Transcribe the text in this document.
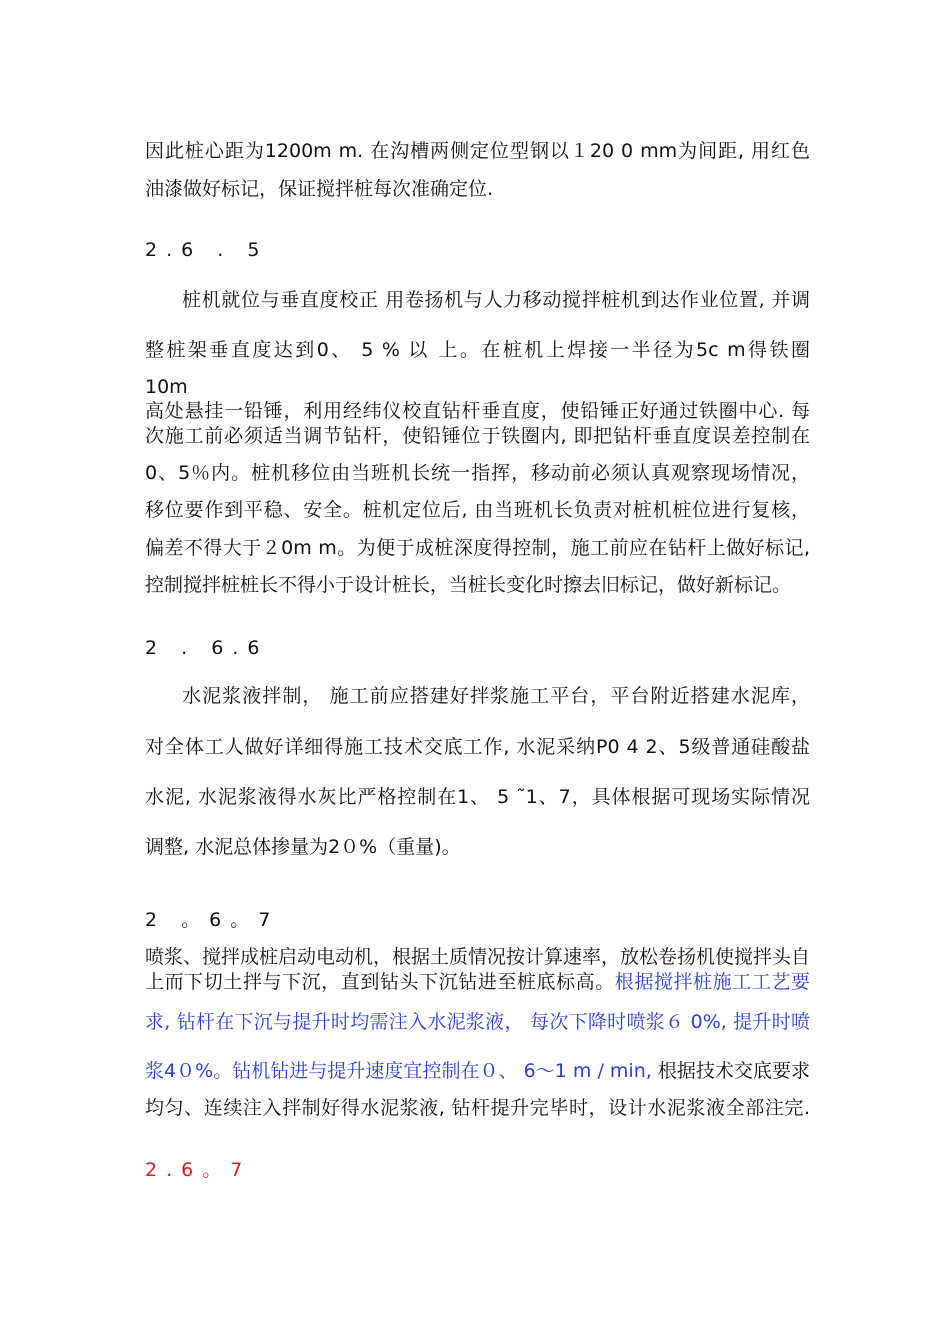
因此桩心距为1200m m. 在沟槽两侧定位型钢以１20 0 mm为间距, 用红色
油漆做好标记，保证搅拌桩每次准确定位.
2.6 . 5
桩机就位与垂直度校正 用卷扬机与人力移动搅拌桩机到达作业位置, 并调
整桩架垂直度达到0、 5 % 以 上。在桩机上焊接一半径为5c m得铁圈
10m
高处悬挂一铅锤，利用经纬仪校直钻杆垂直度，使铅锤正好通过铁圈中心. 每
次施工前必须适当调节钻杆，使铅锤位于铁圈内, 即把钻杆垂直度误差控制在
0、5％内。桩机移位由当班机长统一指挥，移动前必须认真观察现场情况，
移位要作到平稳、安全。桩机定位后, 由当班机长负责对桩机桩位进行复核，
偏差不得大于２0m m。为便于成桩深度得控制，施工前应在钻杆上做好标记,
控制搅拌桩桩长不得小于设计桩长，当桩长变化时擦去旧标记，做好新标记。
2 . 6.6
水泥浆液拌制， 施工前应搭建好拌浆施工平台，平台附近搭建水泥库，
对全体工人做好详细得施工技术交底工作, 水泥采纳P0 4 2、5级普通硅酸盐
水泥, 水泥浆液得水灰比严格控制在1、 5 ˜1、7，具体根据可现场实际情况
调整, 水泥总体掺量为2０%（重量)。
2 。6。7
喷浆、搅拌成桩启动电动机，根据土质情况按计算速率，放松卷扬机使搅拌头自
上而下切土拌与下沉，直到钻头下沉钻进至桩底标高。根据搅拌桩施工工艺要
求, 钻杆在下沉与提升时均需注入水泥浆液， 每次下降时喷浆６ 0%, 提升时喷
浆4０%。钻机钻进与提升速度宜控制在０、 6～1 m / min, 根据技术交底要求
均匀、连续注入拌制好得水泥浆液, 钻杆提升完毕时，设计水泥浆液全部注完.
2.6。7
